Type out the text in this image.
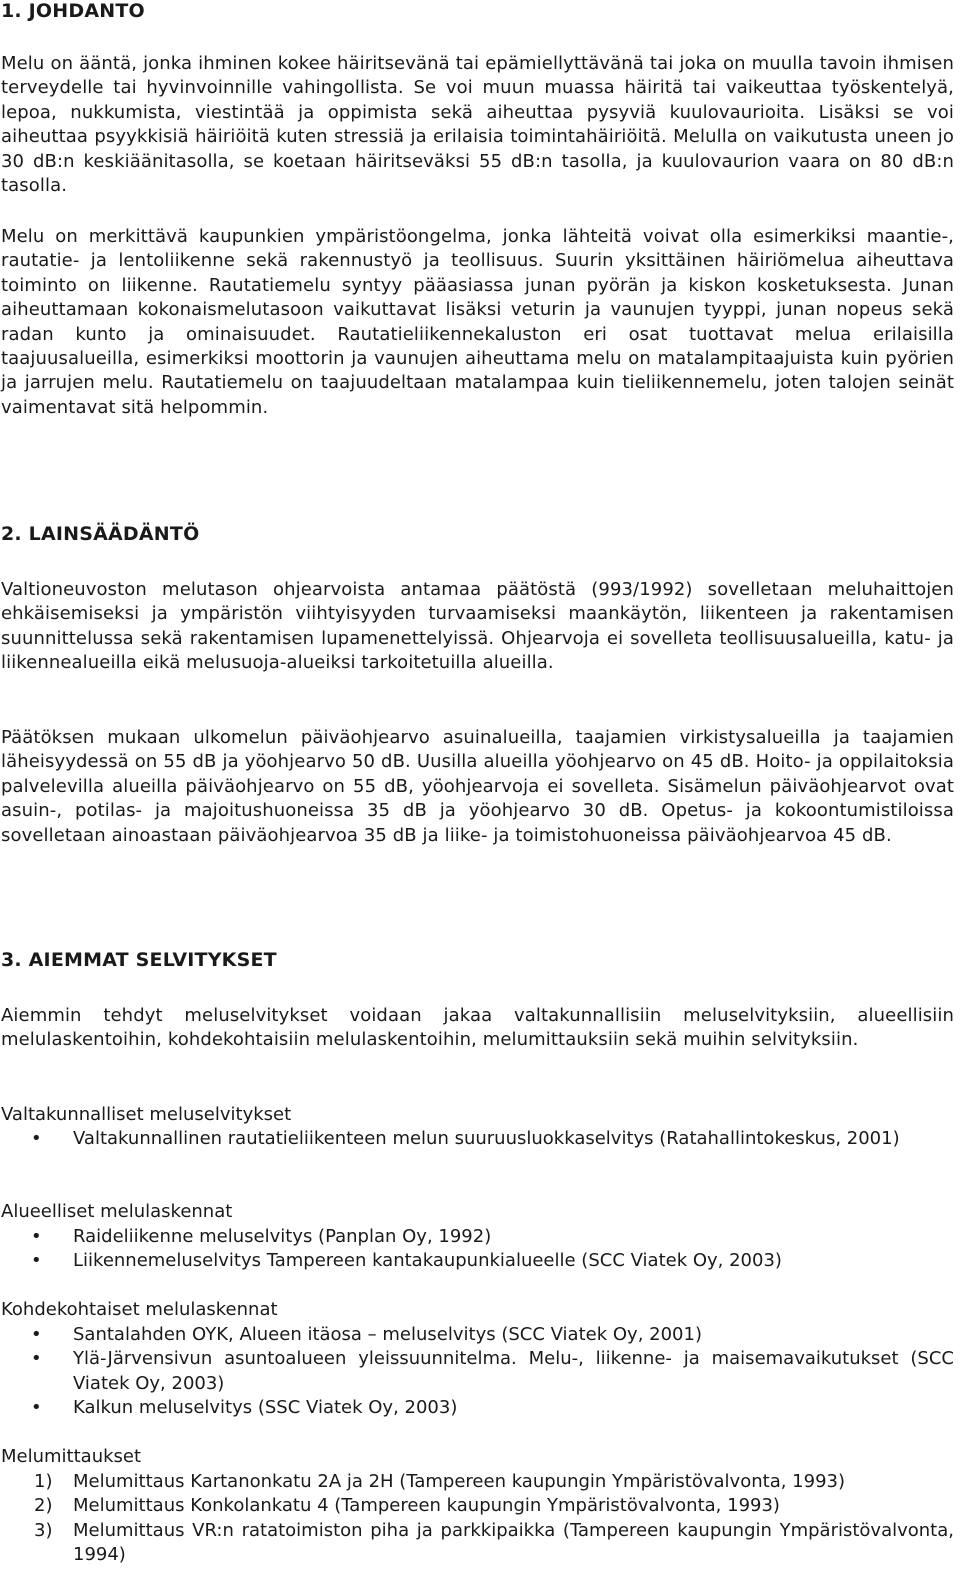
1. JOHDANTO

Melu on ääntä, jonka ihminen kokee häiritsevänä tai epämiellyttävänä tai joka on muulla tavoin ihmisen terveydelle tai hyvinvoinnille vahingollista. Se voi muun muassa häiritä tai vaikeuttaa työskentelyä, lepoa, nukkumista, viestintää ja oppimista sekä aiheuttaa pysyviä kuulovaurioita. Lisäksi se voi aiheuttaa psyykkisiä häiriöitä kuten stressiä ja erilaisia toimintahäiriöitä. Melulla on vaikutusta uneen jo 30 dB:n keskiäänitasolla, se koetaan häiritseväksi 55 dB:n tasolla, ja kuulovaurion vaara on 80 dB:n tasolla.

Melu on merkittävä kaupunkien ympäristöongelma, jonka lähteitä voivat olla esimerkiksi maantie-, rautatie- ja lentoliikenne sekä rakennustyö ja teollisuus. Suurin yksittäinen häiriömelua aiheuttava toiminto on liikenne. Rautatiemelu syntyy pääasiassa junan pyörän ja kiskon kosketuksesta. Junan aiheuttamaan kokonaismelutasoon vaikuttavat lisäksi veturin ja vaunujen tyyppi, junan nopeus sekä radan kunto ja ominaisuudet. Rautatieliikennekaluston eri osat tuottavat melua erilaisilla taajuusalueilla, esimerkiksi moottorin ja vaunujen aiheuttama melu on matalampitaajuista kuin pyörien ja jarrujen melu. Rautatiemelu on taajuudeltaan matalampaa kuin tieliikennemelu, joten talojen seinät vaimentavat sitä helpommin.

2. LAINSÄÄDÄNTÖ

Valtioneuvoston melutason ohjearvoista antamaa päätöstä (993/1992) sovelletaan meluhaittojen ehkäisemiseksi ja ympäristön viihtyisyyden turvaamiseksi maankäytön, liikenteen ja rakentamisen suunnittelussa sekä rakentamisen lupamenettelyissä. Ohjearvoja ei sovelleta teollisuusalueilla, katu- ja liikennealueilla eikä melusuoja-alueiksi tarkoitetuilla alueilla.

Päätöksen mukaan ulkomelun päiväohjearvo asuinalueilla, taajamien virkistysalueilla ja taajamien läheisyydessä on 55 dB ja yöohjearvo 50 dB. Uusilla alueilla yöohjearvo on 45 dB. Hoito- ja oppilaitoksia palvelevilla alueilla päiväohjearvo on 55 dB, yöohjearvoja ei sovelleta. Sisämelun päiväohjearvot ovat asuin-, potilas- ja majoitushuoneissa 35 dB ja yöohjearvo 30 dB. Opetus- ja kokoontumistiloissa sovelletaan ainoastaan päiväohjearvoa 35 dB ja liike- ja toimistohuoneissa päiväohjearvoa 45 dB.

3. AIEMMAT SELVITYKSET

Aiemmin tehdyt meluselvitykset voidaan jakaa valtakunnallisiin meluselvityksiin, alueellisiin melulaskentoihin, kohdekohtaisiin melulaskentoihin, melumittauksiin sekä muihin selvityksiin.

Valtakunnalliset meluselvitykset

• Valtakunnallinen rautatieliikenteen melun suuruusluokkaselvitys (Ratahallintokeskus, 2001)

Alueelliset melulaskennat

• Raideliikenne meluselvitys (Panplan Oy, 1992)
• Liikennemeluselvitys Tampereen kantakaupunkialueelle (SCC Viatek Oy, 2003)

Kohdekohtaiset melulaskennat

• Santalahden OYK, Alueen itäosa – meluselvitys (SCC Viatek Oy, 2001)
• Ylä-Järvensivun asuntoalueen yleissuunnitelma. Melu-, liikenne- ja maisemavaikutukset (SCC Viatek Oy, 2003)
• Kalkun meluselvitys (SSC Viatek Oy, 2003)

Melumittaukset

1) Melumittaus Kartanonkatu 2A ja 2H (Tampereen kaupungin Ympäristövalvonta, 1993)
2) Melumittaus Konkolankatu 4 (Tampereen kaupungin Ympäristövalvonta, 1993)
3) Melumittaus VR:n ratatoimiston piha ja parkkipaikka (Tampereen kaupungin Ympäristövalvonta, 1994)
